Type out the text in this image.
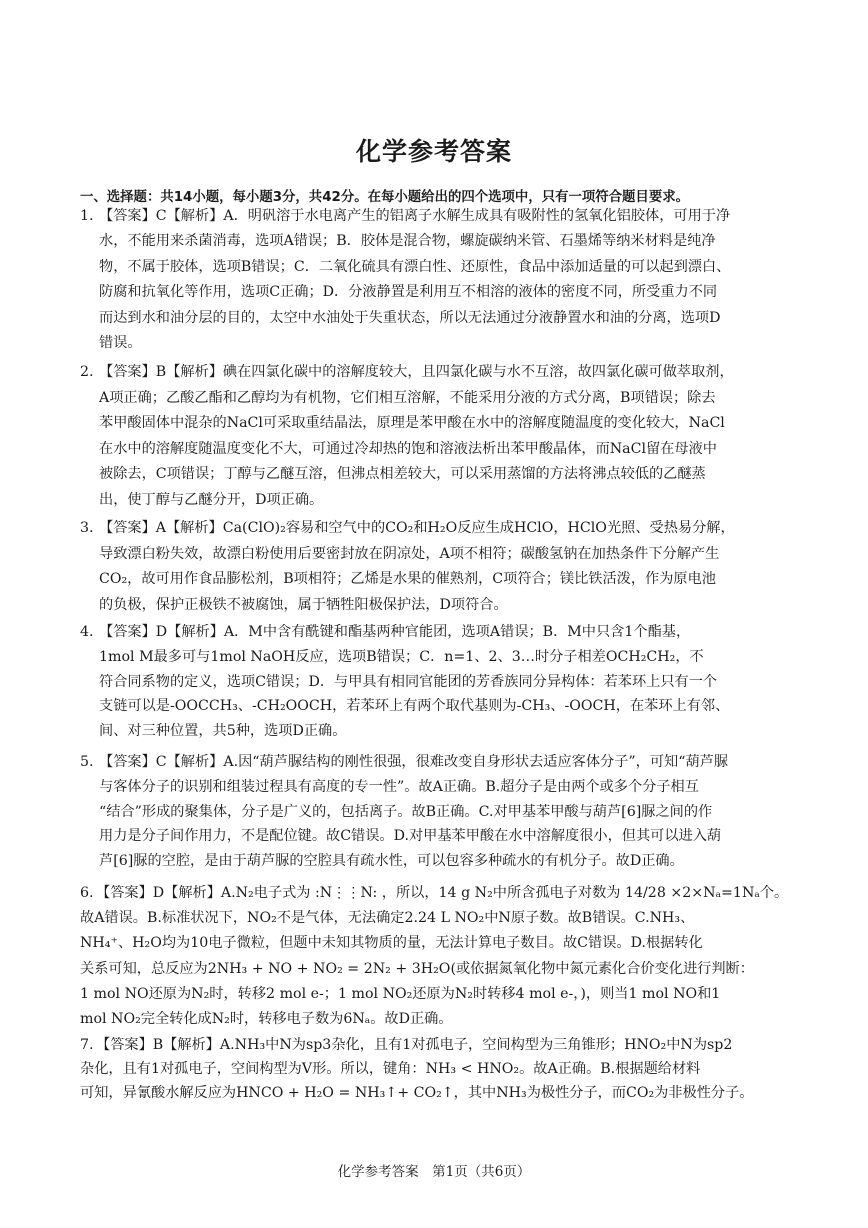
化学参考答案
一、选择题：共14小题，每小题3分，共42分。在每小题给出的四个选项中，只有一项符合题目要求。
1. 【答案】C【解析】A．明矾溶于水电离产生的铝离子水解生成具有吸附性的氢氧化铝胶体，可用于净
水，不能用来杀菌消毒，选项A错误；B．胶体是混合物，螺旋碳纳米管、石墨烯等纳米材料是纯净
物，不属于胶体，选项B错误；C．二氧化硫具有漂白性、还原性，食品中添加适量的可以起到漂白、
防腐和抗氧化等作用，选项C正确；D．分液静置是利用互不相溶的液体的密度不同，所受重力不同
而达到水和油分层的目的，太空中水油处于失重状态，所以无法通过分液静置水和油的分离，选项D
错误。
2. 【答案】B【解析】碘在四氯化碳中的溶解度较大，且四氯化碳与水不互溶，故四氯化碳可做萃取剂，
A项正确；乙酸乙酯和乙醇均为有机物，它们相互溶解，不能采用分液的方式分离，B项错误；除去
苯甲酸固体中混杂的NaCl可采取重结晶法，原理是苯甲酸在水中的溶解度随温度的变化较大，NaCl
在水中的溶解度随温度变化不大，可通过冷却热的饱和溶液法析出苯甲酸晶体，而NaCl留在母液中
被除去，C项错误；丁醇与乙醚互溶，但沸点相差较大，可以采用蒸馏的方法将沸点较低的乙醚蒸
出，使丁醇与乙醚分开，D项正确。
3. 【答案】A【解析】Ca(ClO)₂容易和空气中的CO₂和H₂O反应生成HClO，HClO光照、受热易分解，
导致漂白粉失效，故漂白粉使用后要密封放在阴凉处，A项不相符；碳酸氢钠在加热条件下分解产生
CO₂，故可用作食品膨松剂，B项相符；乙烯是水果的催熟剂，C项符合；镁比铁活泼，作为原电池
的负极，保护正极铁不被腐蚀，属于牺牲阳极保护法，D项符合。
4. 【答案】D【解析】A．M中含有酰键和酯基两种官能团，选项A错误；B．M中只含1个酯基，
1mol M最多可与1mol NaOH反应，选项B错误；C．n=1、2、3…时分子相差OCH₂CH₂，不
符合同系物的定义，选项C错误；D．与甲具有相同官能团的芳香族同分异构体：若苯环上只有一个
支链可以是-OOCCH₃、-CH₂OOCH，若苯环上有两个取代基则为-CH₃、-OOCH，在苯环上有邻、
间、对三种位置，共5种，选项D正确。
5. 【答案】C【解析】A.因“葫芦脲结构的刚性很强，很难改变自身形状去适应客体分子”，可知“葫芦脲
与客体分子的识别和组装过程具有高度的专一性”。故A正确。B.超分子是由两个或多个分子相互
“结合”形成的聚集体，分子是广义的，包括离子。故B正确。C.对甲基苯甲酸与葫芦[6]脲之间的作
用力是分子间作用力，不是配位键。故C错误。D.对甲基苯甲酸在水中溶解度很小，但其可以进入葫
芦[6]脲的空腔，是由于葫芦脲的空腔具有疏水性，可以包容多种疏水的有机分子。故D正确。
6. 【答案】D【解析】A.N₂电子式为 :N⋮⋮N: ，所以，14 g N₂中所含孤电子对数为 14/28 ×2×Nₐ=1Nₐ个。
故A错误。B.标准状况下，NO₂不是气体，无法确定2.24 L NO₂中N原子数。故B错误。C.NH₃、
NH₄⁺、H₂O均为10电子微粒，但题中未知其物质的量，无法计算电子数目。故C错误。D.根据转化
关系可知，总反应为2NH₃ + NO + NO₂ = 2N₂ + 3H₂O(或依据氮氧化物中氮元素化合价变化进行判断：
1 mol NO还原为N₂时，转移2 mol e-；1 mol NO₂还原为N₂时转移4 mol e-，)，则当1 mol NO和1
mol NO₂完全转化成N₂时，转移电子数为6Nₐ。故D正确。
7. 【答案】B【解析】A.NH₃中N为sp3杂化，且有1对孤电子，空间构型为三角锥形；HNO₂中N为sp2
杂化，且有1对孤电子，空间构型为V形。所以，键角：NH₃ < HNO₂。故A正确。B.根据题给材料
可知，异氰酸水解反应为HNCO + H₂O = NH₃↑+ CO₂↑，其中NH₃为极性分子，而CO₂为非极性分子。
化学参考答案　第1页（共6页）
